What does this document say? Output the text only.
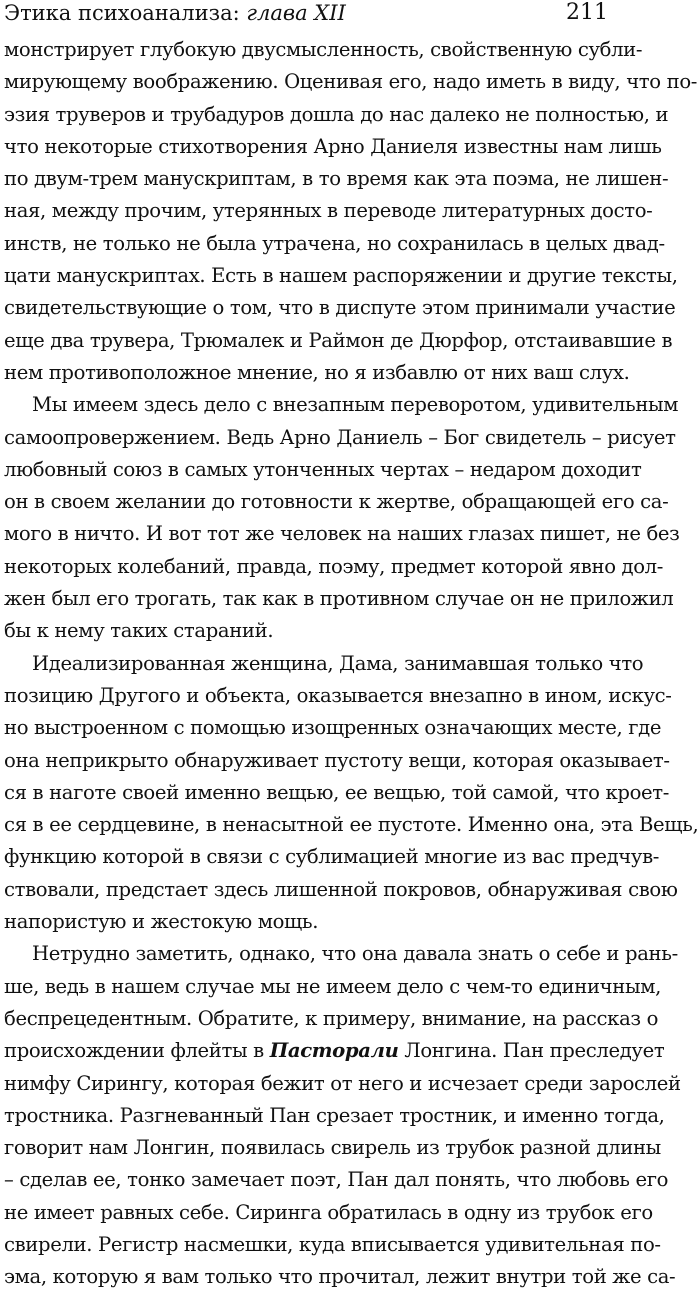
Этика психоанализа: глава XII	211
монстрирует глубокую двусмысленность, свойственную субли-
мирующему воображению. Оценивая его, надо иметь в виду, что по-
эзия труверов и трубадуров дошла до нас далеко не полностью, и
что некоторые стихотворения Арно Даниеля известны нам лишь
по двум-трем манускриптам, в то время как эта поэма, не лишен-
ная, между прочим, утерянных в переводе литературных досто-
инств, не только не была утрачена, но сохранилась в целых двад-
цати манускриптах. Есть в нашем распоряжении и другие тексты,
свидетельствующие о том, что в диспуте этом принимали участие
еще два трувера, Трюмалек и Раймон де Дюрфор, отстаивавшие в
нем противоположное мнение, но я избавлю от них ваш слух.
Мы имеем здесь дело с внезапным переворотом, удивительным
самоопровержением. Ведь Арно Даниель – Бог свидетель – рисует
любовный союз в самых утонченных чертах – недаром доходит
он в своем желании до готовности к жертве, обращающей его са-
мого в ничто. И вот тот же человек на наших глазах пишет, не без
некоторых колебаний, правда, поэму, предмет которой явно дол-
жен был его трогать, так как в противном случае он не приложил
бы к нему таких стараний.
Идеализированная женщина, Дама, занимавшая только что
позицию Другого и объекта, оказывается внезапно в ином, искус-
но выстроенном с помощью изощренных означающих месте, где
она неприкрыто обнаруживает пустоту вещи, которая оказывает-
ся в наготе своей именно вещью, ее вещью, той самой, что кроет-
ся в ее сердцевине, в ненасытной ее пустоте. Именно она, эта Вещь,
функцию которой в связи с сублимацией многие из вас предчув-
ствовали, предстает здесь лишенной покровов, обнаруживая свою
напористую и жестокую мощь.
Нетрудно заметить, однако, что она давала знать о себе и рань-
ше, ведь в нашем случае мы не имеем дело с чем-то единичным,
беспрецедентным. Обратите, к примеру, внимание, на рассказ о
происхождении флейты в Пасторали Лонгина. Пан преследует
нимфу Сирингу, которая бежит от него и исчезает среди зарослей
тростника. Разгневанный Пан срезает тростник, и именно тогда,
говорит нам Лонгин, появилась свирель из трубок разной длины
– сделав ее, тонко замечает поэт, Пан дал понять, что любовь его
не имеет равных себе. Сиринга обратилась в одну из трубок его
свирели. Регистр насмешки, куда вписывается удивительная по-
эма, которую я вам только что прочитал, лежит внутри той же са-
